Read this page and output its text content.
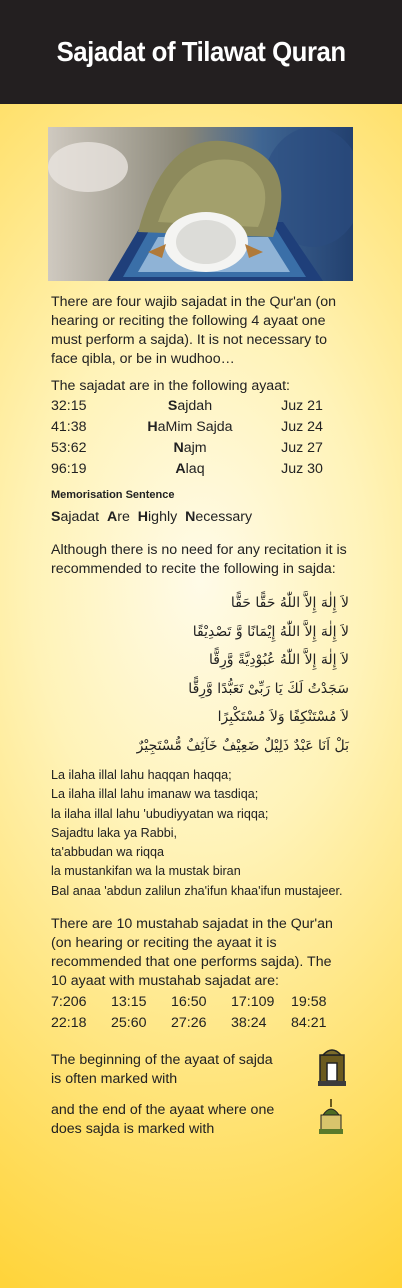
Sajadat of Tilawat Quran

There are four wajib sajadat in the Qur'an (on hearing or reciting the following 4 ayaat one must perform a sajda). It is not necessary to face qibla, or be in wudhoo…

The sajadat are in the following ayaat:

32:15	Sajdah	Juz 21
41:38	HaMim Sajda	Juz 24
53:62	Najm	Juz 27
96:19	Alaq	Juz 30
Memorisation Sentence
Sajadat Are Highly Necessary

Although there is no need for any recitation it is recommended to recite the following in sajda:

لاَ إِلٰهَ إِلاَّ اللّٰهُ حَقًّا حَقًّا
لاَ إِلٰهَ إِلاَّ اللّٰهُ إِيْمَانًا وَّ تَصْدِيْقًا
لاَ إِلٰهَ إِلاَّ اللّٰهُ عُبُوْدِيَّةً وَّرِقًّا
سَجَدْتُ لَكَ يَا رَبِّىْ تَعَبُّدًا وَّرِقًّا
لاَ مُسْتَنْكِفًا وَلاَ مُسْتَكْبِرًا
بَلْ اَنَا عَبْدٌ ذَلِيْلٌ ضَعِيْفٌ خَآئِفٌ مُّسْتَجِيْرٌ
La ilaha illal lahu haqqan haqqa;
La ilaha illal lahu imanaw wa tasdiqa;
la ilaha illal lahu 'ubudiyyatan wa riqqa;
Sajadtu laka ya Rabbi,
ta'abbudan wa riqqa
la mustankifan wa la mustak biran
Bal anaa 'abdun zalilun zha'ifun khaa'ifun mustajeer.

There are 10 mustahab sajadat in the Qur'an (on hearing or reciting the ayaat it is recommended that one performs sajda). The 10 ayaat with mustahab sajadat are:

7:206	13:15	16:50	17:109	19:58
22:18	25:60	27:26	38:24	84:21

The beginning of the ayaat of sajda is often marked with

and the end of the ayaat where one does sajda is marked with
